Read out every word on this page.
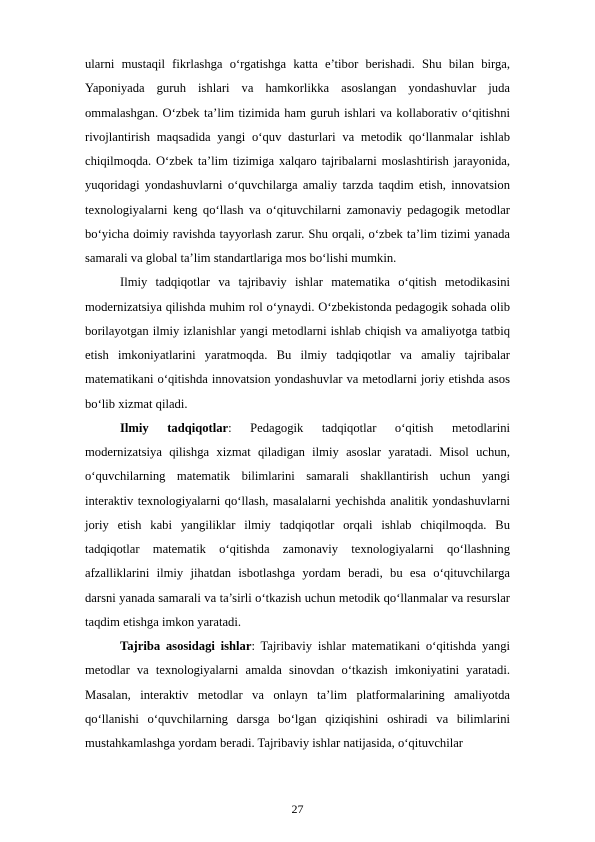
ularni mustaqil fikrlashga o‘rgatishga katta e’tibor berishadi. Shu bilan birga, Yaponiyada guruh ishlari va hamkorlikka asoslangan yondashuvlar juda ommalashgan. O‘zbek ta’lim tizimida ham guruh ishlari va kollaborativ o‘qitishni rivojlantirish maqsadida yangi o‘quv dasturlari va metodik qo‘llanmalar ishlab chiqilmoqda. O‘zbek ta’lim tizimiga xalqaro tajribalarni moslashtirish jarayonida, yuqoridagi yondashuvlarni o‘quvchilarga amaliy tarzda taqdim etish, innovatsion texnologiyalarni keng qo‘llash va o‘qituvchilarni zamonaviy pedagogik metodlar bo‘yicha doimiy ravishda tayyorlash zarur. Shu orqali, o‘zbek ta’lim tizimi yanada samarali va global ta’lim standartlariga mos bo‘lishi mumkin.

Ilmiy tadqiqotlar va tajribaviy ishlar matematika o‘qitish metodikasini modernizatsiya qilishda muhim rol o‘ynaydi. O‘zbekistonda pedagogik sohada olib borilayotgan ilmiy izlanishlar yangi metodlarni ishlab chiqish va amaliyotga tatbiq etish imkoniyatlarini yaratmoqda. Bu ilmiy tadqiqotlar va amaliy tajribalar matematikani o‘qitishda innovatsion yondashuvlar va metodlarni joriy etishda asos bo‘lib xizmat qiladi.

Ilmiy tadqiqotlar: Pedagogik tadqiqotlar o‘qitish metodlarini modernizatsiya qilishga xizmat qiladigan ilmiy asoslar yaratadi. Misol uchun, o‘quvchilarning matematik bilimlarini samarali shakllantirish uchun yangi interaktiv texnologiyalarni qo‘llash, masalalarni yechishda analitik yondashuvlarni joriy etish kabi yangiliklar ilmiy tadqiqotlar orqali ishlab chiqilmoqda. Bu tadqiqotlar matematik o‘qitishda zamonaviy texnologiyalarni qo‘llashning afzalliklarini ilmiy jihatdan isbotlashga yordam beradi, bu esa o‘qituvchilarga darsni yanada samarali va ta’sirli o‘tkazish uchun metodik qo‘llanmalar va resurslar taqdim etishga imkon yaratadi.

Tajriba asosidagi ishlar: Tajribaviy ishlar matematikani o‘qitishda yangi metodlar va texnologiyalarni amalda sinovdan o‘tkazish imkoniyatini yaratadi. Masalan, interaktiv metodlar va onlayn ta’lim platformalarining amaliyotda qo‘llanishi o‘quvchilarning darsga bo‘lgan qiziqishini oshiradi va bilimlarini mustahkamlashga yordam beradi. Tajribaviy ishlar natijasida, o‘qituvchilar

27
